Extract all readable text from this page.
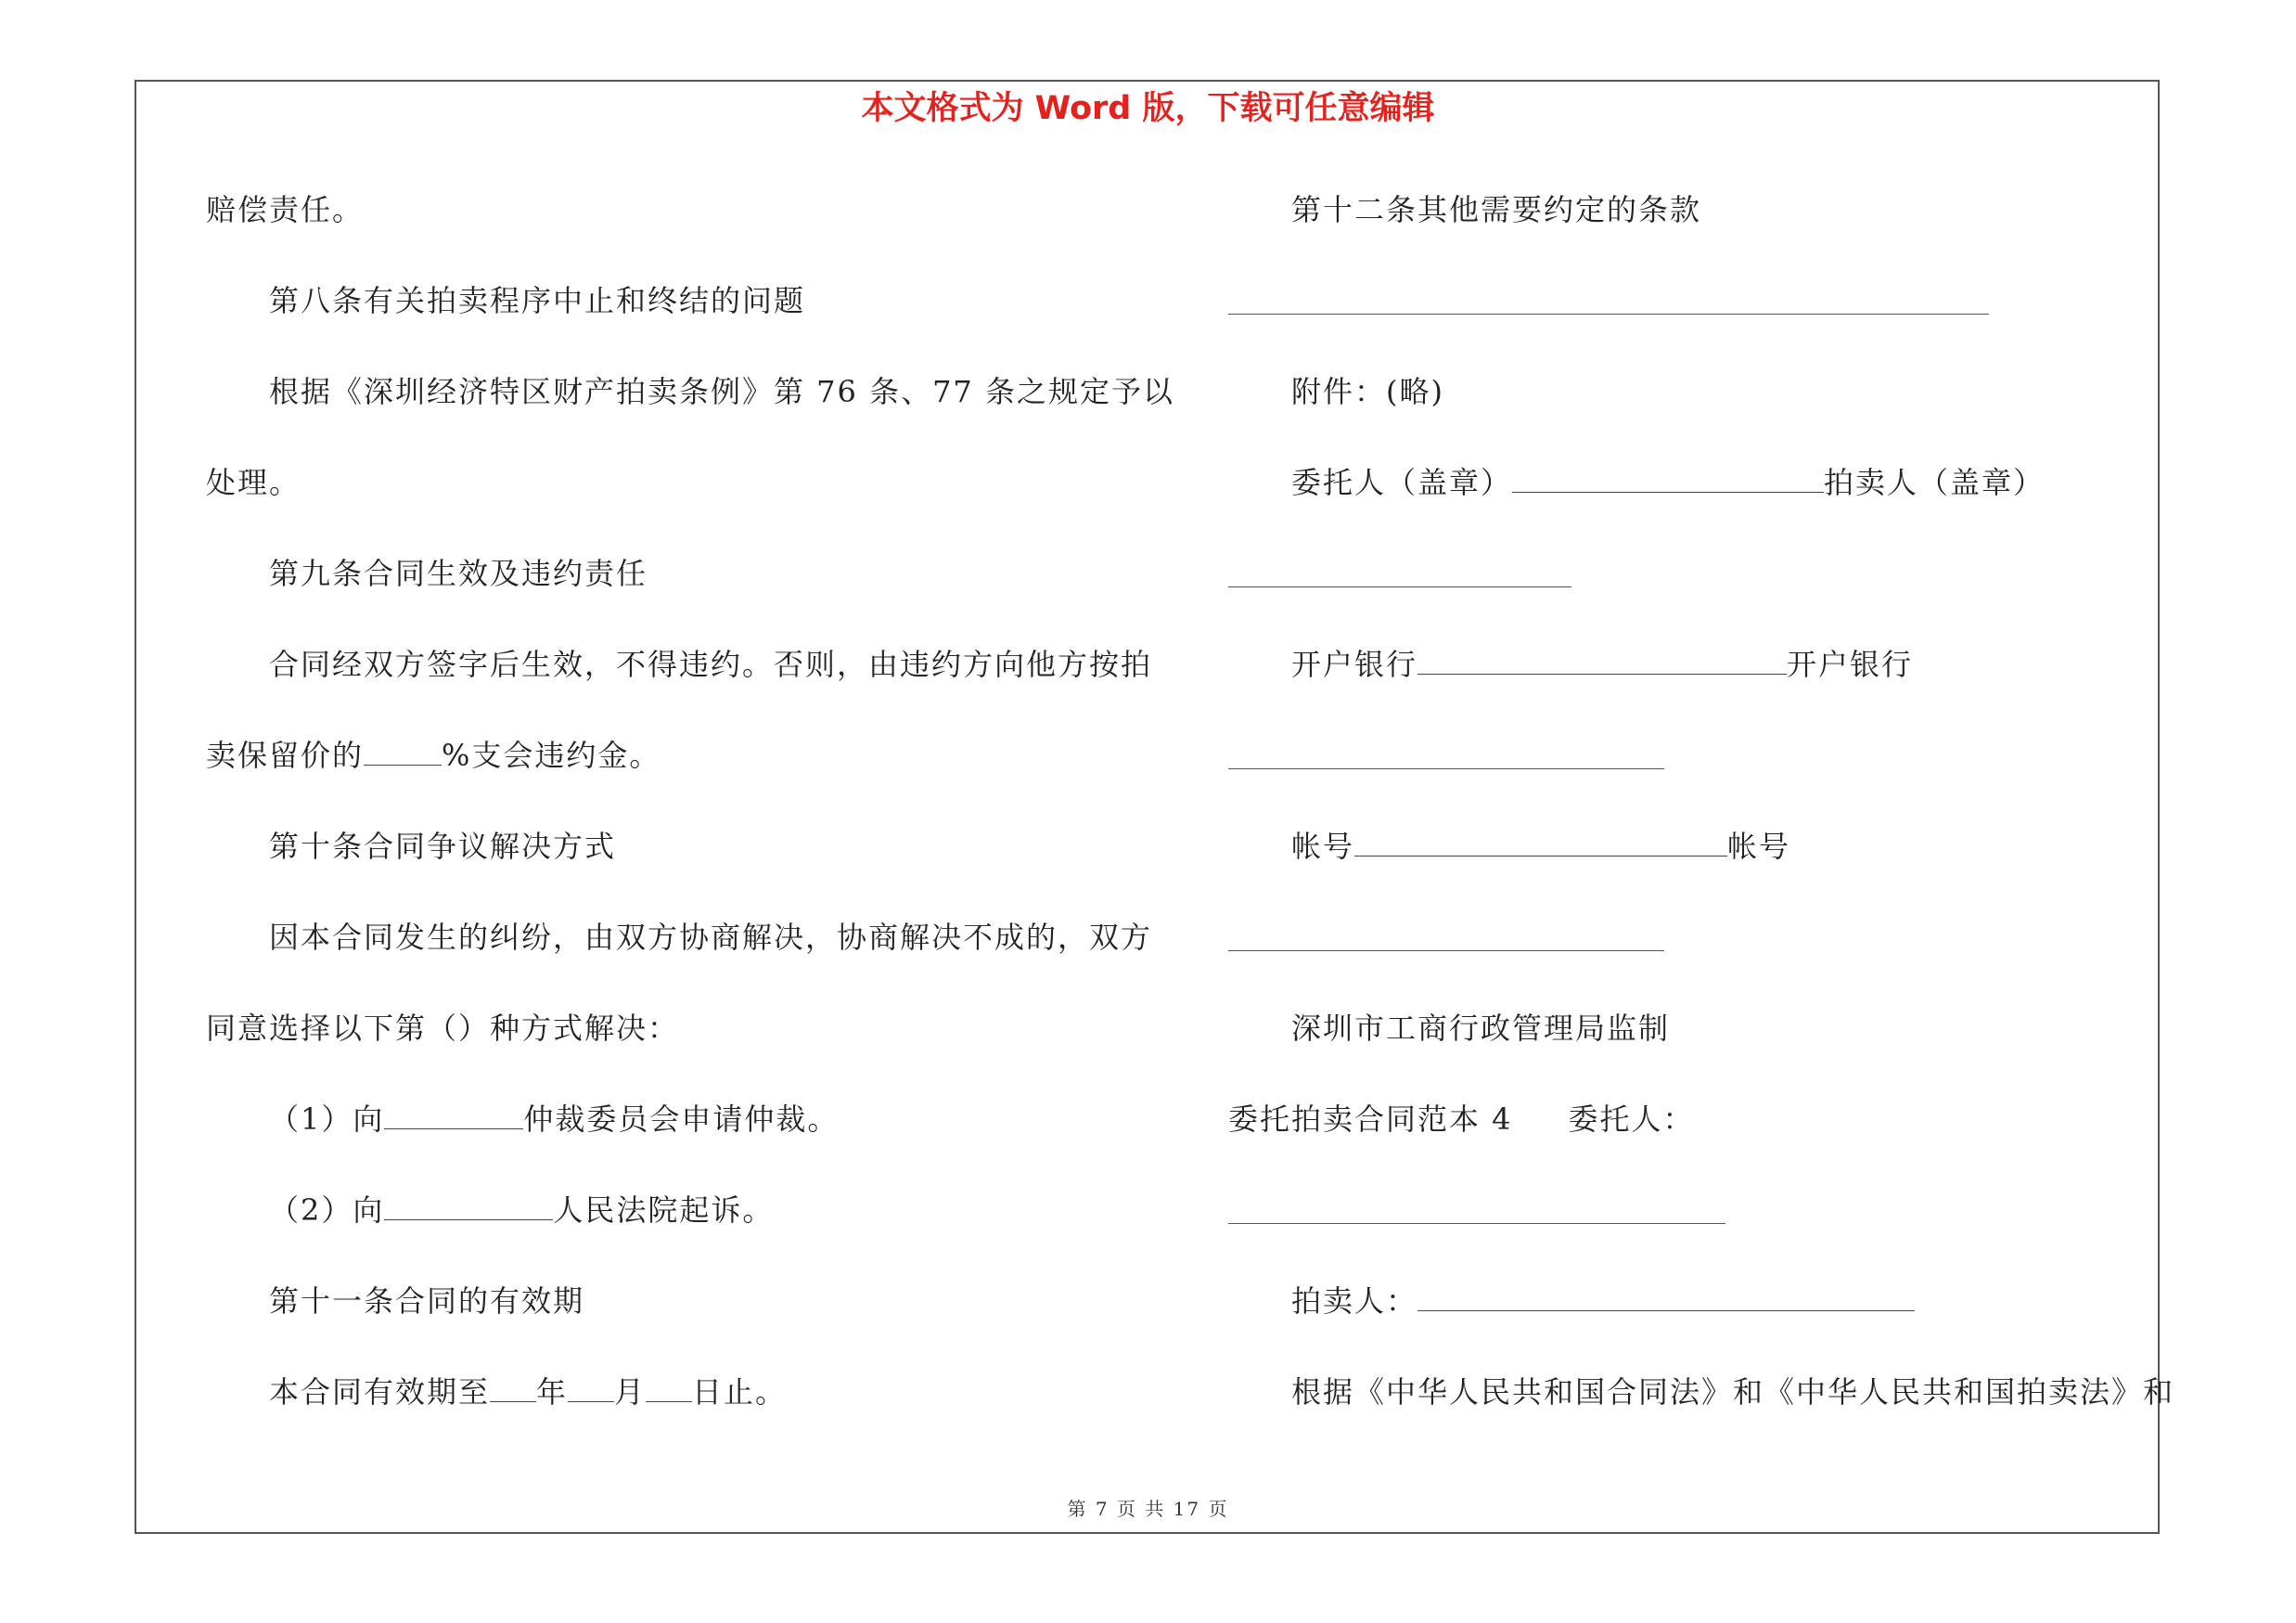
本文格式为 Word 版，下载可任意编辑
赔偿责任。
第八条有关拍卖程序中止和终结的问题
根据《深圳经济特区财产拍卖条例》第 76 条、77 条之规定予以
处理。
第九条合同生效及违约责任
合同经双方签字后生效，不得违约。否则，由违约方向他方按拍
卖保留价的	%支会违约金。
第十条合同争议解决方式
因本合同发生的纠纷，由双方协商解决，协商解决不成的，双方
同意选择以下第（）种方式解决：
（1）向	仲裁委员会申请仲裁。
（2）向	人民法院起诉。
第十一条合同的有效期
本合同有效期至 年 月 日止。
第十二条其他需要约定的条款
附件：(略)
委托人（盖章）	拍卖人（盖章）
开户银行	开户银行
帐号	帐号
深圳市工商行政管理局监制
委托拍卖合同范本 4 委托人：
拍卖人：
根据《中华人民共和国合同法》和《中华人民共和国拍卖法》和
第 7 页 共 17 页
